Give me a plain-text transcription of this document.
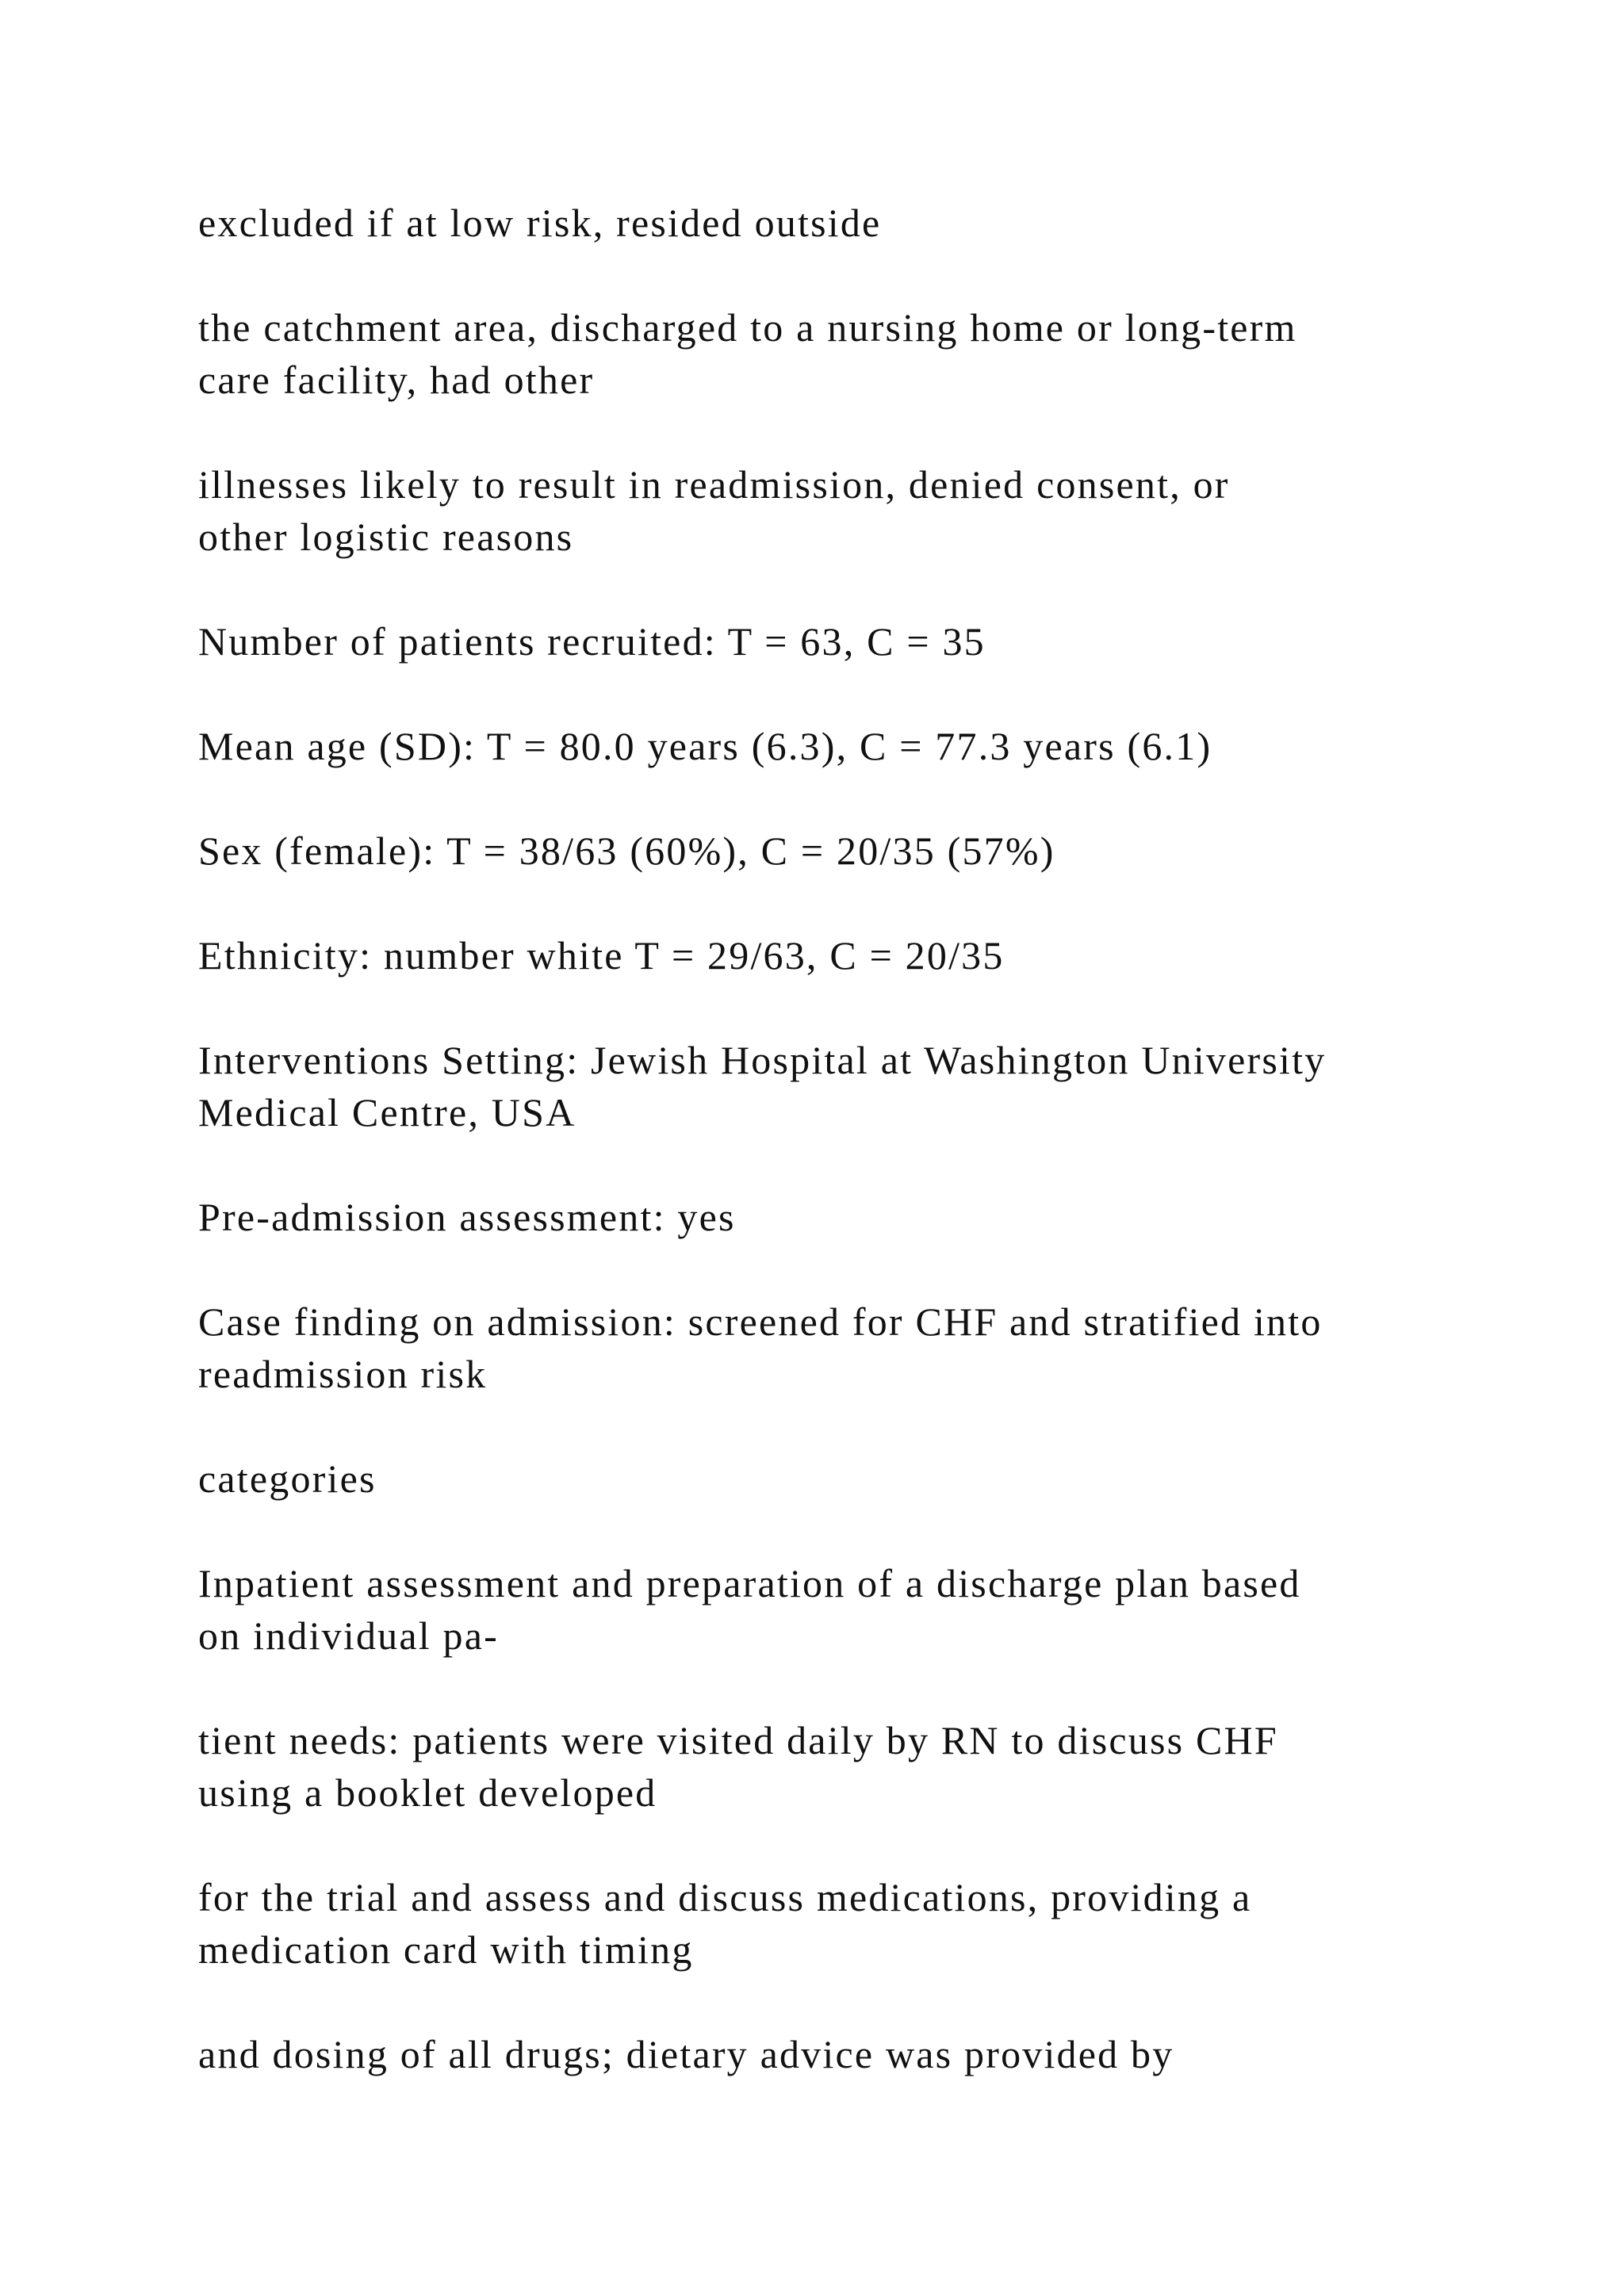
excluded if at low risk, resided outside

the catchment area, discharged to a nursing home or long-term
care facility, had other

illnesses likely to result in readmission, denied consent, or
other logistic reasons

Number of patients recruited: T = 63, C = 35

Mean age (SD): T = 80.0 years (6.3), C = 77.3 years (6.1)

Sex (female): T = 38/63 (60%), C = 20/35 (57%)

Ethnicity: number white T = 29/63, C = 20/35

Interventions Setting: Jewish Hospital at Washington University
Medical Centre, USA

Pre-admission assessment: yes

Case finding on admission: screened for CHF and stratified into
readmission risk

categories

Inpatient assessment and preparation of a discharge plan based
on individual pa-

tient needs: patients were visited daily by RN to discuss CHF
using a booklet developed

for the trial and assess and discuss medications, providing a
medication card with timing

and dosing of all drugs; dietary advice was provided by
